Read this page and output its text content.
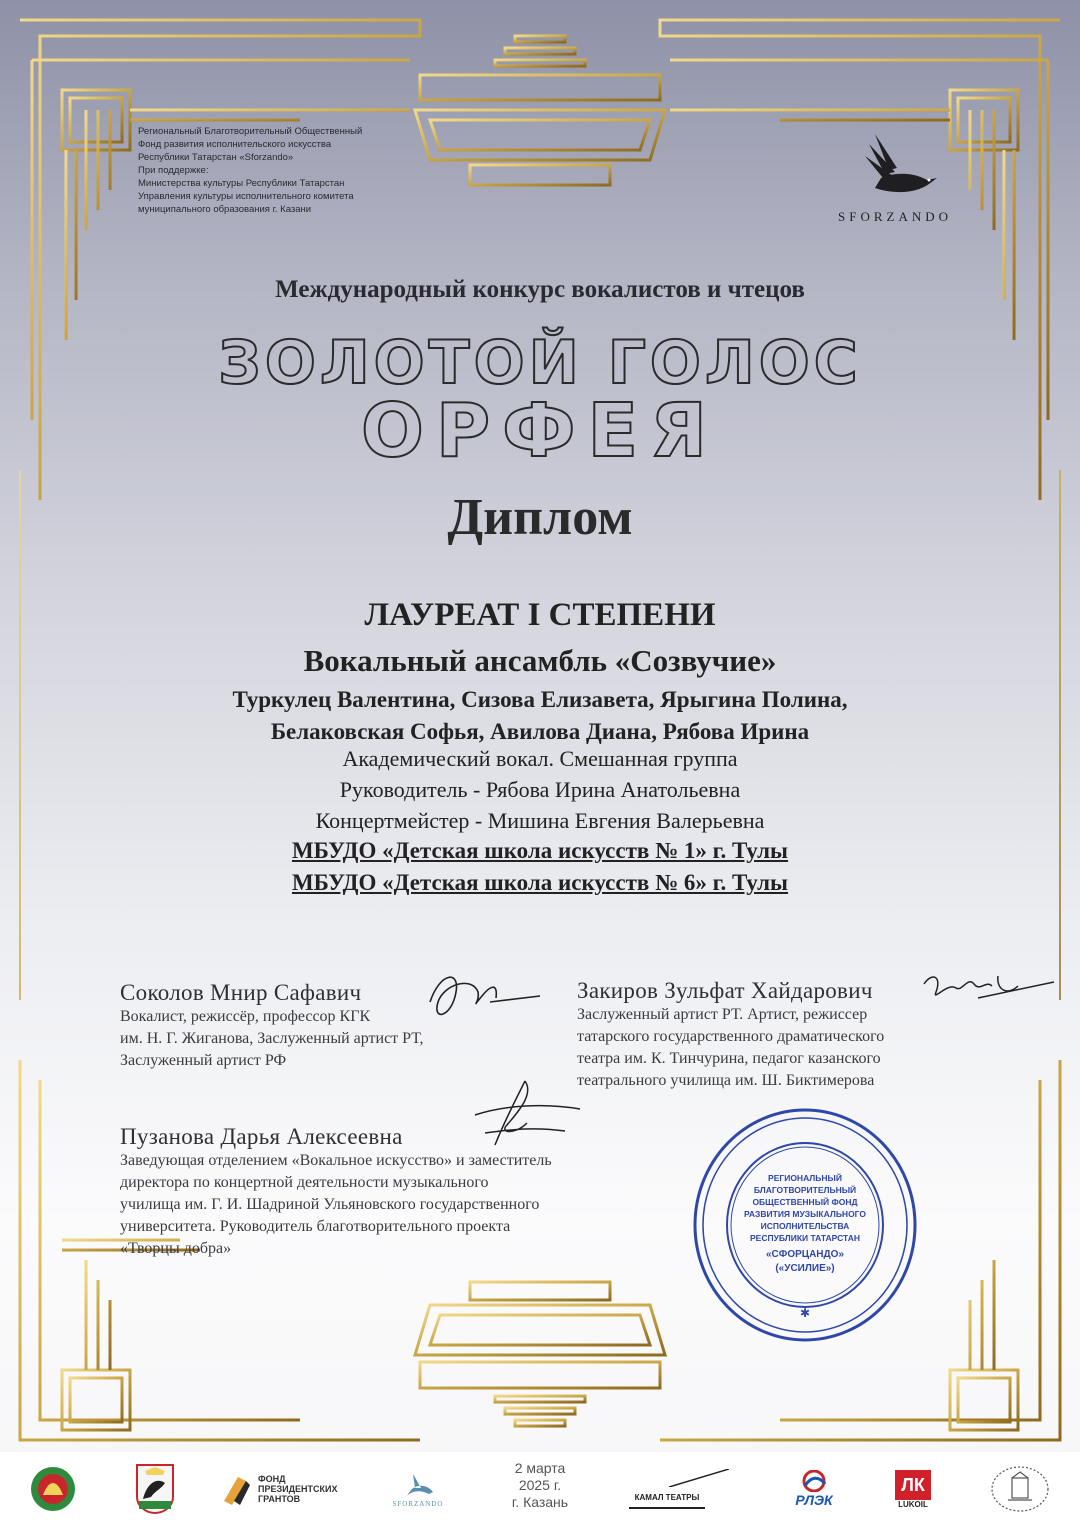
Региональный Благотворительный Общественный
Фонд развития исполнительского искусства
Республики Татарстан «Sforzando»
При поддержке:
Министерства культуры Республики Татарстан
Управления культуры исполнительного комитета
муниципального образования г. Казани	SFORZANDO
Международный конкурс вокалистов и чтецов
ЗОЛОТОЙ ГОЛОС
ОРФЕЯ
Диплом
ЛАУРЕАТ I СТЕПЕНИ
Вокальный ансамбль «Созвучие»
Туркулец Валентина, Сизова Елизавета, Ярыгина Полина,
Белаковская Софья, Авилова Диана, Рябова Ирина
Академический вокал. Смешанная группа
Руководитель - Рябова Ирина Анатольевна
Концертмейстер - Мишина Евгения Валерьевна
МБУДО «Детская школа искусств № 1» г. Тулы
МБУДО «Детская школа искусств № 6» г. Тулы
Соколов Мнир Сафавич
Вокалист, режиссёр, профессор КГК
им. Н. Г. Жиганова, Заслуженный артист РТ,
Заслуженный артист РФ
Закиров Зульфат Хайдарович
Заслуженный артист РТ. Артист, режиссер
татарского государственного драматического
театра им. К. Тинчурина, педагог казанского
театрального училища им. Ш. Биктимерова
Пузанова Дарья Алексеевна
Заведующая отделением «Вокальное искусство» и заместитель
директора по концертной деятельности музыкального
училища им. Г. И. Шадриной Ульяновского государственного
университета. Руководитель благотворительного проекта
«Творцы добра»
РЕГИОНАЛЬНЫЙ
БЛАГОТВОРИТЕЛЬНЫЙ
ОБЩЕСТВЕННЫЙ ФОНД
РАЗВИТИЯ МУЗЫКАЛЬНОГО
ИСПОЛНИТЕЛЬСТВА
РЕСПУБЛИКИ ТАТАРСТАН
«СФОРЦАНДО»
(«УСИЛИЕ»)
✱
ФОНД
ПРЕЗИДЕНТСКИХ
ГРАНТОВ	SFORZANDO
2 марта
2025 г.
г. Казань	КАМАЛ ТЕАТРЫ	РЛЭК
ЛК
LUKOIL
